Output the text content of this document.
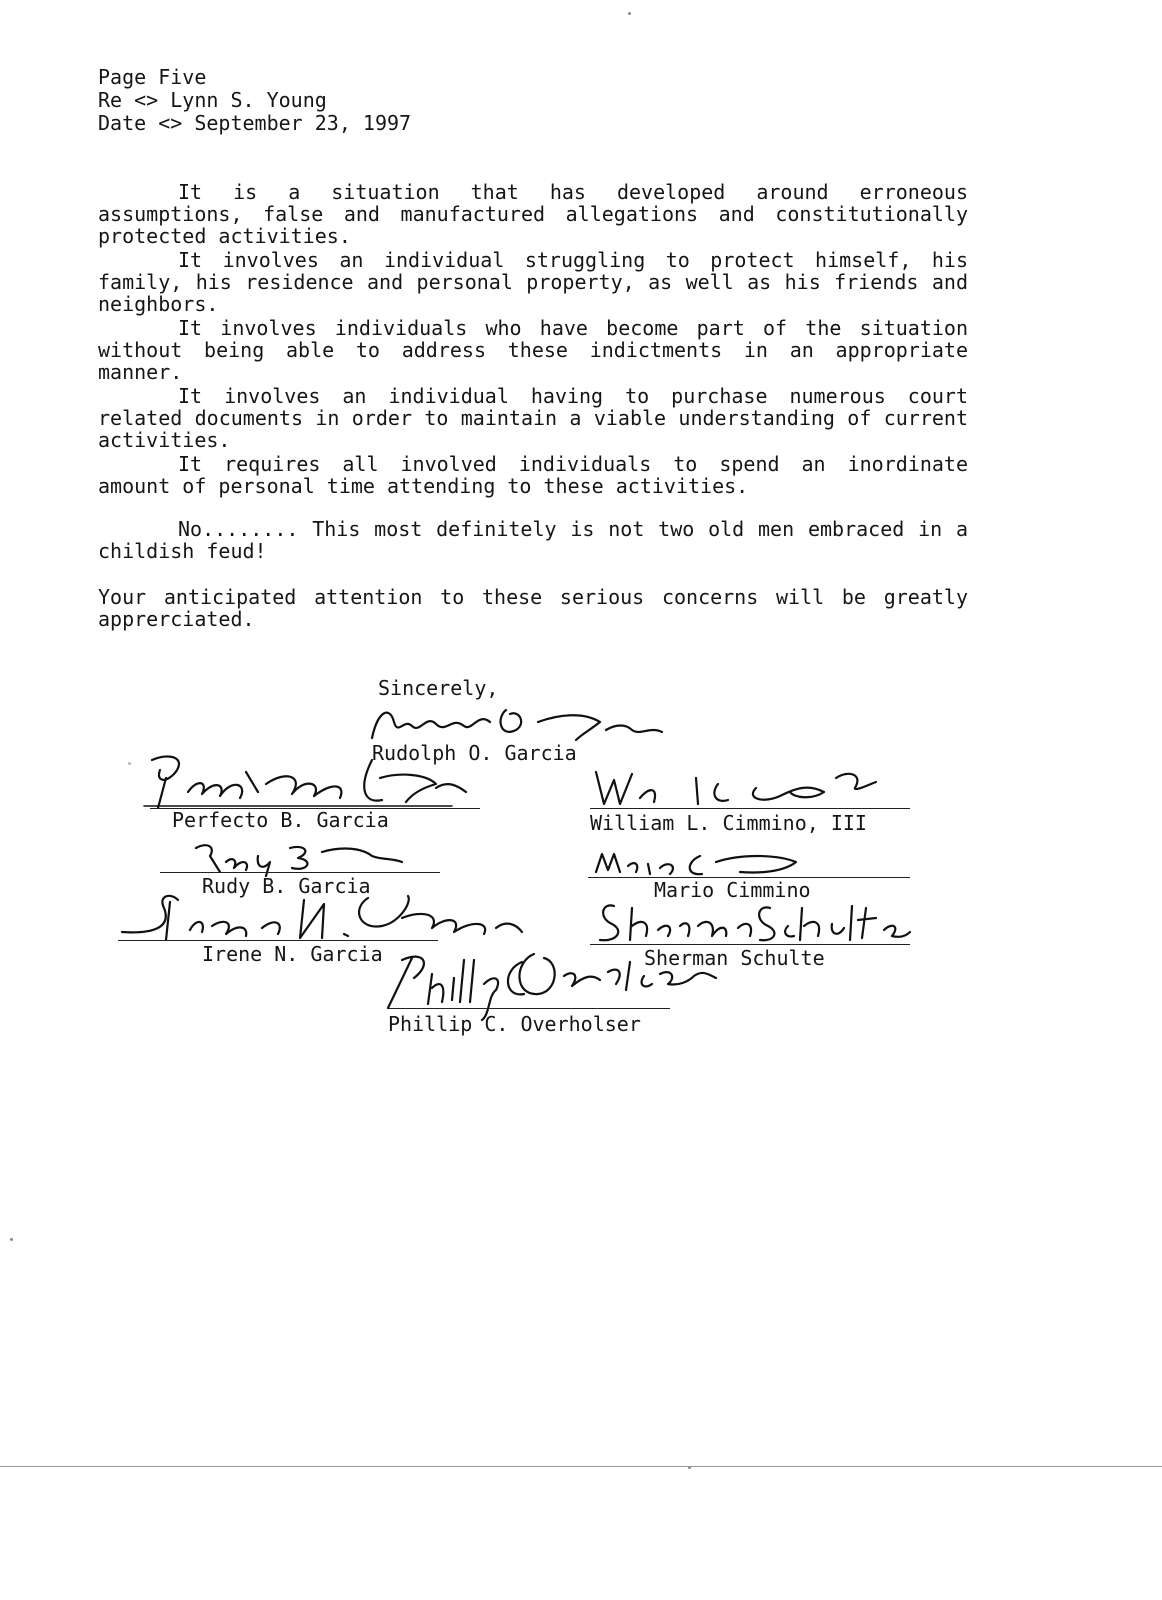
Page Five
Re <> Lynn S. Young
Date <> September 23, 1997
It is a situation that has developed around erroneous assumptions, false and manufactured allegations and constitutionally protected activities.
It involves an individual struggling to protect himself, his family, his residence and personal property, as well as his friends and neighbors.
It involves individuals who have become part of the situation without being able to address these indictments in an appropriate manner.
It involves an individual having to purchase numerous court related documents in order to maintain a viable understanding of current activities.
It requires all involved individuals to spend an inordinate amount of personal time attending to these activities.
No........ This most definitely is not two old men embraced in a childish feud!
Your anticipated attention to these serious concerns will be greatly apprerciated.
Sincerely,
Rudolph O. Garcia
Perfecto B. Garcia	William L. Cimmino, III
Rudy B. Garcia	Mario Cimmino
Irene N. Garcia	Sherman Schulte
Phillip C. Overholser
